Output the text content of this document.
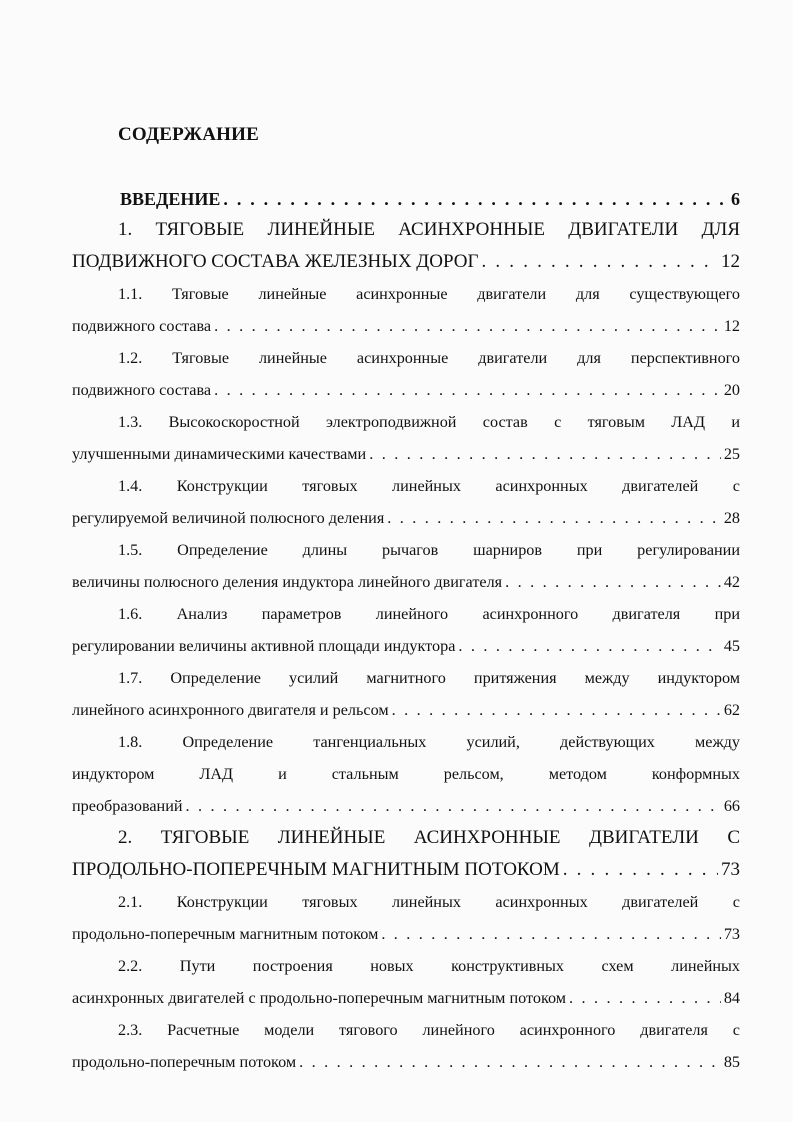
СОДЕРЖАНИЕ
ВВЕДЕНИЕ . . .	6
1. ТЯГОВЫЕ ЛИНЕЙНЫЕ АСИНХРОННЫЕ ДВИГАТЕЛИ ДЛЯ
ПОДВИЖНОГО СОСТАВА ЖЕЛЕЗНЫХ ДОРОГ . . .	12
1.1. Тяговые линейные асинхронные двигатели для существующего
подвижного состава . . .	12
1.2. Тяговые линейные асинхронные двигатели для перспективного
подвижного состава . . .	20
1.3. Высокоскоростной электроподвижной состав с тяговым ЛАД и
улучшенными динамическими качествами . . .	25
1.4. Конструкции тяговых линейных асинхронных двигателей с
регулируемой величиной полюсного деления . . .	28
1.5. Определение длины рычагов шарниров при регулировании
величины полюсного деления индуктора линейного двигателя . . .	42
1.6. Анализ параметров линейного асинхронного двигателя при
регулировании величины активной площади индуктора . . .	45
1.7. Определение усилий магнитного притяжения между индуктором
линейного асинхронного двигателя и рельсом . . .	62
1.8. Определение тангенциальных усилий, действующих между
индуктором ЛАД и стальным рельсом, методом конформных
преобразований . . .	66
2. ТЯГОВЫЕ ЛИНЕЙНЫЕ АСИНХРОННЫЕ ДВИГАТЕЛИ С
ПРОДОЛЬНО-ПОПЕРЕЧНЫМ МАГНИТНЫМ ПОТОКОМ . . .	73
2.1. Конструкции тяговых линейных асинхронных двигателей с
продольно-поперечным магнитным потоком . . .	73
2.2. Пути построения новых конструктивных схем линейных
асинхронных двигателей с продольно-поперечным магнитным потоком . . .	84
2.3. Расчетные модели тягового линейного асинхронного двигателя с
продольно-поперечным потоком . . .	85
